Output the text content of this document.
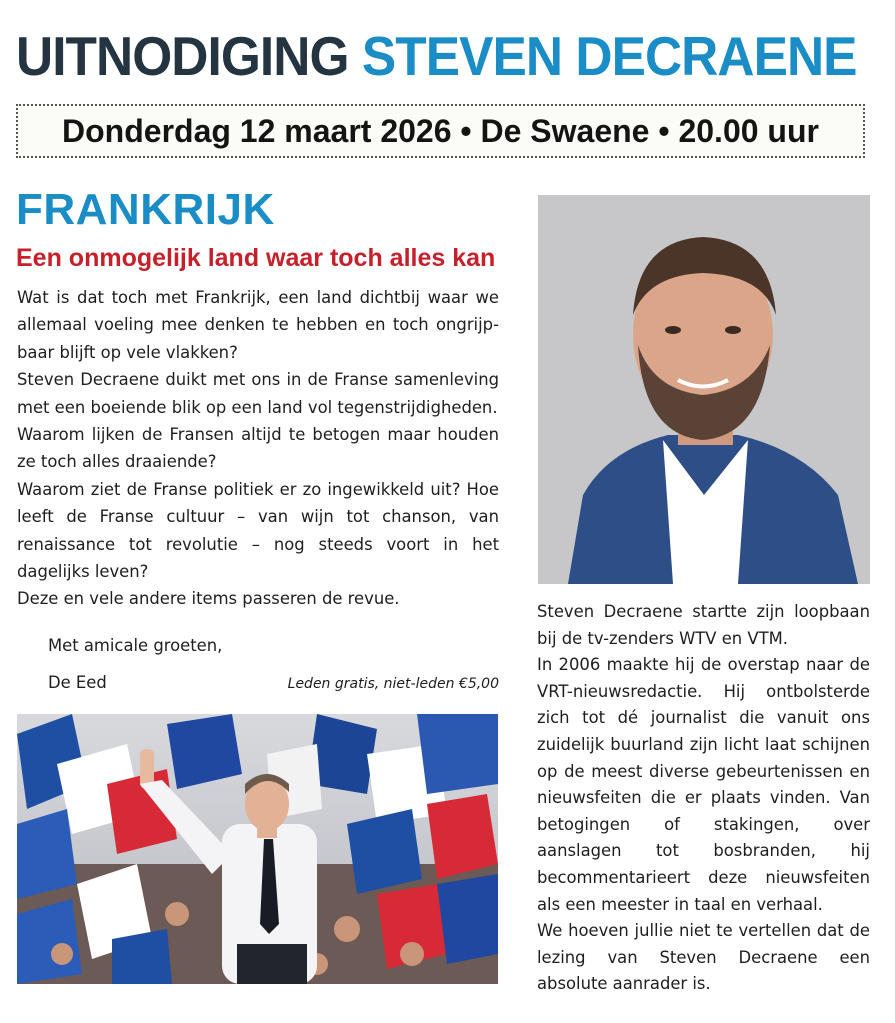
UITNODIGING STEVEN DECRAENE
Donderdag 12 maart 2026 • De Swaene • 20.00 uur
FRANKRIJK
Een onmogelijk land waar toch alles kan

Wat is dat toch met Frankrijk, een land dichtbij waar we allemaal voeling mee denken te hebben en toch ongrijp-baar blijft op vele vlakken?

Steven Decraene duikt met ons in de Franse samenleving met een boeiende blik op een land vol tegenstrijdigheden.

Waarom lijken de Fransen altijd te betogen maar houden ze toch alles draaiende?

Waarom ziet de Franse politiek er zo ingewikkeld uit? Hoe leeft de Franse cultuur – van wijn tot chanson, van renaissance tot revolutie – nog steeds voort in het dagelijks leven?

Deze en vele andere items passeren de revue.

Met amicale groeten,
De Eed	Leden gratis, niet-leden €5,00

Steven Decraene startte zijn loopbaan bij de tv-zenders WTV en VTM.

In 2006 maakte hij de overstap naar de VRT-nieuwsredactie. Hij ontbolsterde zich tot dé journalist die vanuit ons zuidelijk buurland zijn licht laat schijnen op de meest diverse gebeurtenissen en nieuwsfeiten die er plaats vinden. Van betogingen of stakingen, over aanslagen tot bosbranden, hij becommentarieert deze nieuwsfeiten als een meester in taal en verhaal.

We hoeven jullie niet te vertellen dat de lezing van Steven Decraene een absolute aanrader is.
